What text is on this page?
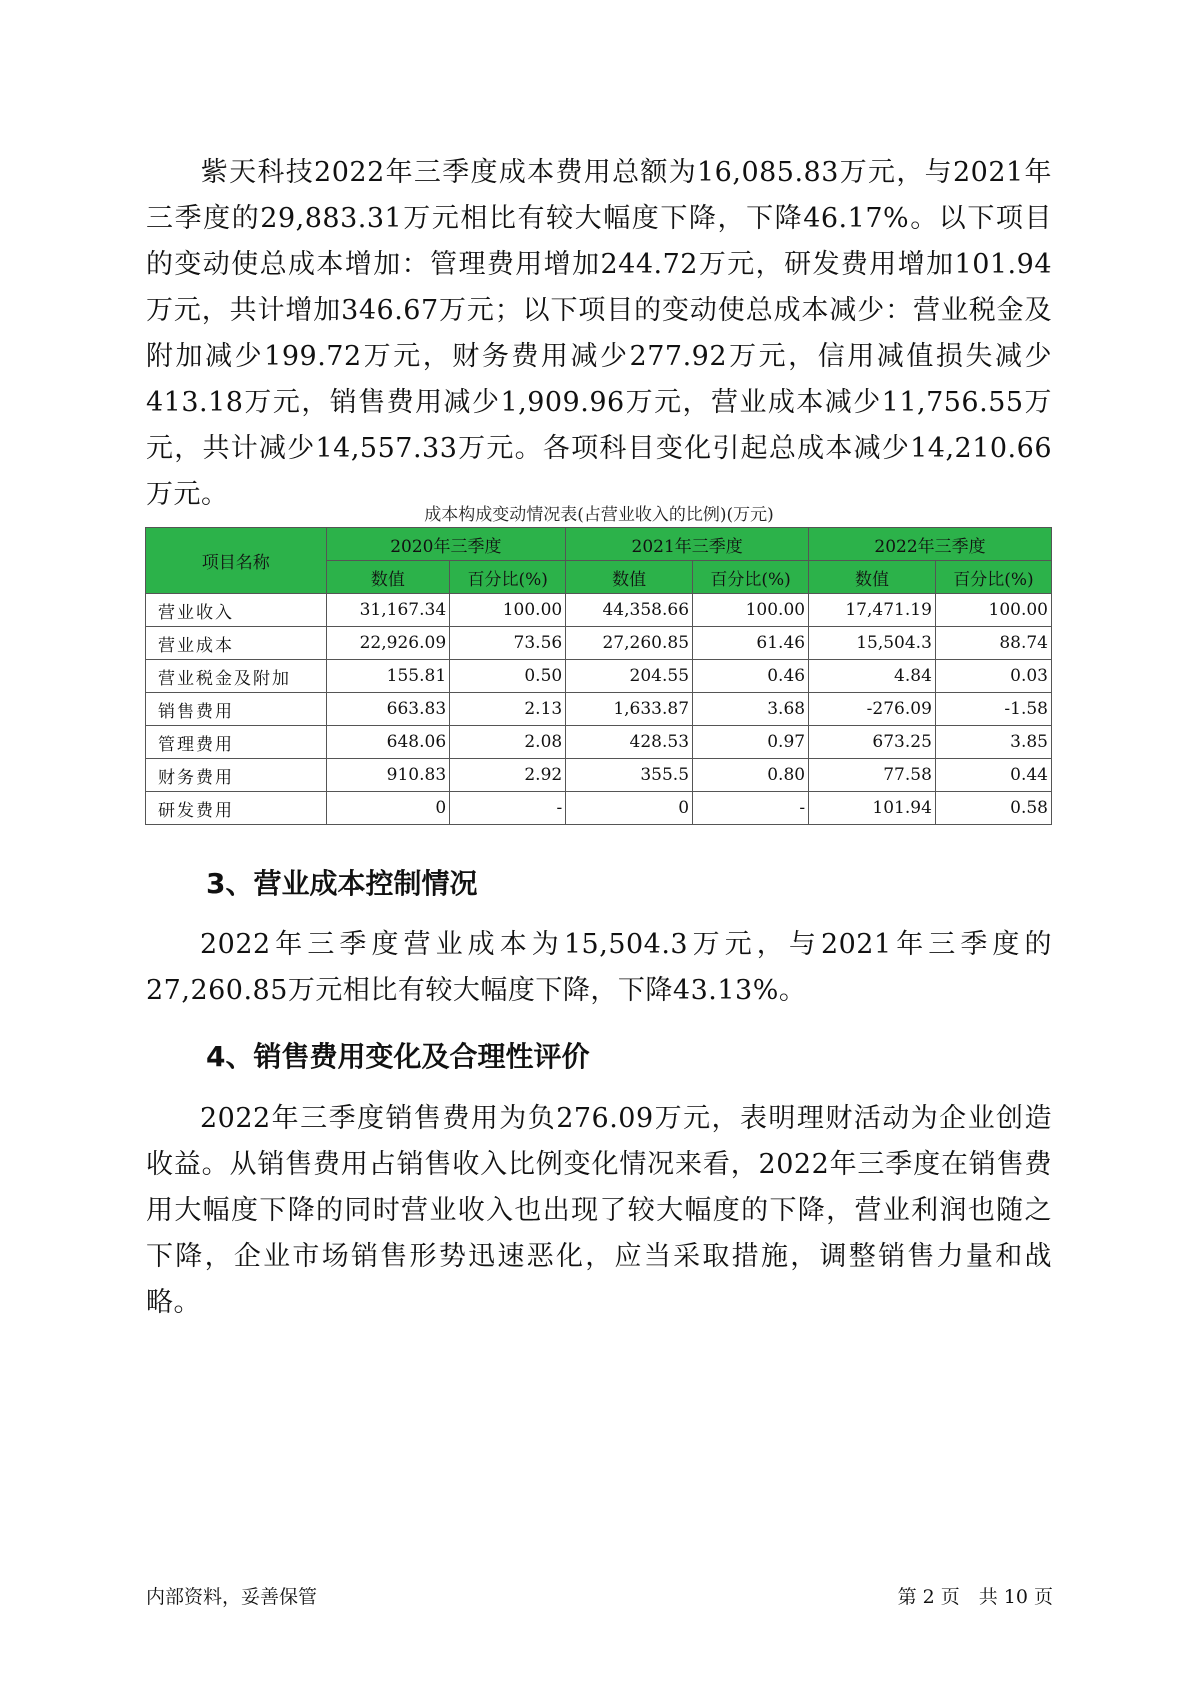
紫天科技2022年三季度成本费用总额为16,085.83万元，与2021年三季度的29,883.31万元相比有较大幅度下降，下降46.17%。以下项目的变动使总成本增加：管理费用增加244.72万元，研发费用增加101.94万元，共计增加346.67万元；以下项目的变动使总成本减少：营业税金及附加减少199.72万元，财务费用减少277.92万元，信用减值损失减少413.18万元，销售费用减少1,909.96万元，营业成本减少11,756.55万元，共计减少14,557.33万元。各项科目变化引起总成本减少14,210.66万元。

成本构成变动情况表(占营业收入的比例)(万元)
项目名称	2020年三季度		2021年三季度		2022年三季度	
	数值	百分比(%)	数值	百分比(%)	数值	百分比(%)
营业收入	31,167.34	100.00	44,358.66	100.00	17,471.19	100.00
营业成本	22,926.09	73.56	27,260.85	61.46	15,504.3	88.74
营业税金及附加	155.81	0.50	204.55	0.46	4.84	0.03
销售费用	663.83	2.13	1,633.87	3.68	-276.09	-1.58
管理费用	648.06	2.08	428.53	0.97	673.25	3.85
财务费用	910.83	2.92	355.5	0.80	77.58	0.44
研发费用	0	-	0	-	101.94	0.58
3、营业成本控制情况

2022年三季度营业成本为15,504.3万元，与2021年三季度的27,260.85万元相比有较大幅度下降，下降43.13%。

4、销售费用变化及合理性评价

2022年三季度销售费用为负276.09万元，表明理财活动为企业创造收益。从销售费用占销售收入比例变化情况来看，2022年三季度在销售费用大幅度下降的同时营业收入也出现了较大幅度的下降，营业利润也随之下降，企业市场销售形势迅速恶化，应当采取措施，调整销售力量和战略。

内部资料，妥善保管	第 2 页　共 10 页
